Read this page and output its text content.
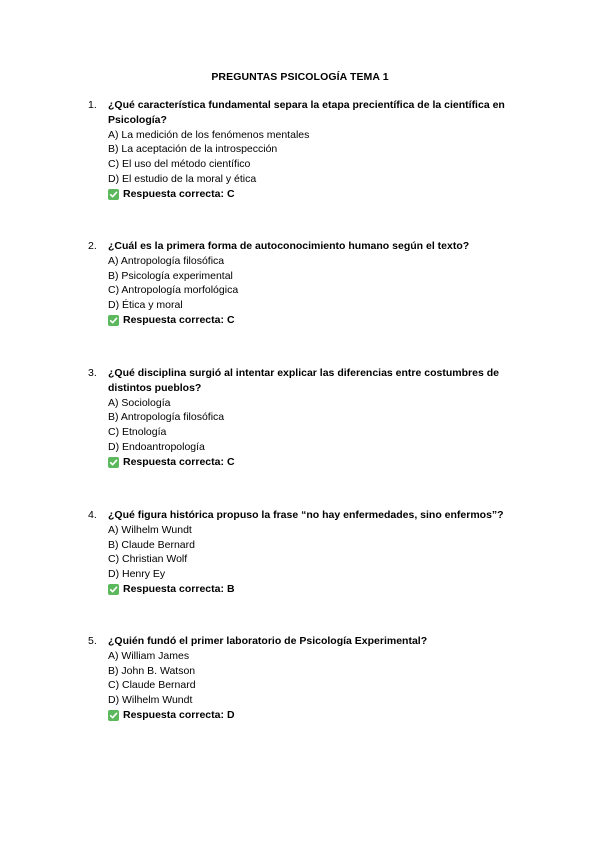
PREGUNTAS PSICOLOGÍA TEMA 1
1. ¿Qué característica fundamental separa la etapa precientífica de la científica en Psicología?
A) La medición de los fenómenos mentales
B) La aceptación de la introspección
C) El uso del método científico
D) El estudio de la moral y ética
Respuesta correcta: C
2. ¿Cuál es la primera forma de autoconocimiento humano según el texto?
A) Antropología filosófica
B) Psicología experimental
C) Antropología morfológica
D) Ética y moral
Respuesta correcta: C
3. ¿Qué disciplina surgió al intentar explicar las diferencias entre costumbres de distintos pueblos?
A) Sociología
B) Antropología filosófica
C) Etnología
D) Endoantropología
Respuesta correcta: C
4. ¿Qué figura histórica propuso la frase “no hay enfermedades, sino enfermos”?
A) Wilhelm Wundt
B) Claude Bernard
C) Christian Wolf
D) Henry Ey
Respuesta correcta: B
5. ¿Quién fundó el primer laboratorio de Psicología Experimental?
A) William James
B) John B. Watson
C) Claude Bernard
D) Wilhelm Wundt
Respuesta correcta: D
